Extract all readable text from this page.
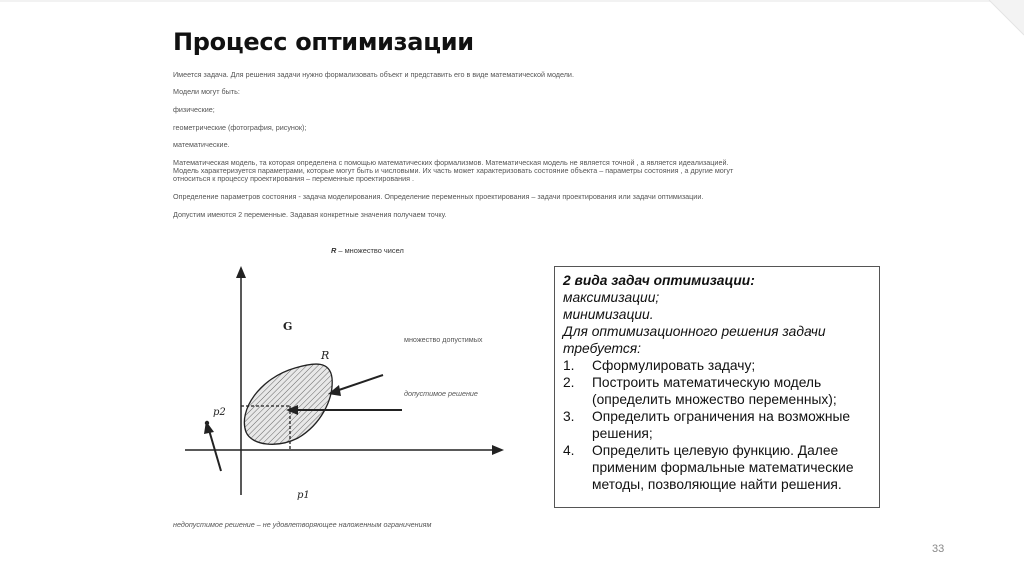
Процесс оптимизации
Имеется задача. Для решения задачи нужно формализовать объект и представить его в виде математической модели.
Модели могут быть:
физические;
геометрические (фотография, рисунок);
математические.
Математическая модель, та которая определена с помощью математических формализмов. Математическая модель не является точной , а является идеализацией.
Модель характеризуется параметрами, которые могут быть и числовыми. Их часть может характеризовать состояние объекта – параметры состояния , а другие могут
относиться к процессу проектирования – переменные проектирования .
Определение параметров состояния - задача моделирования. Определение переменных проектирования – задачи проектирования или задачи оптимизации.
Допустим имеются 2 переменные. Задавая конкретные значения получаем точку.
R – множество чисел
G
R
p2
p1
множество допустимых
допустимое решение
недопустимое решение – не удовлетворяющее наложенным ограничениям
2 вида задач оптимизации:
максимизации;
минимизации.
Для оптимизационного решения задачи требуется:
1. Сформулировать задачу;
2. Построить математическую модель (определить множество переменных);
3. Определить ограничения на возможные решения;
4. Определить целевую функцию. Далее применим формальные математические методы, позволяющие найти решения.
33
